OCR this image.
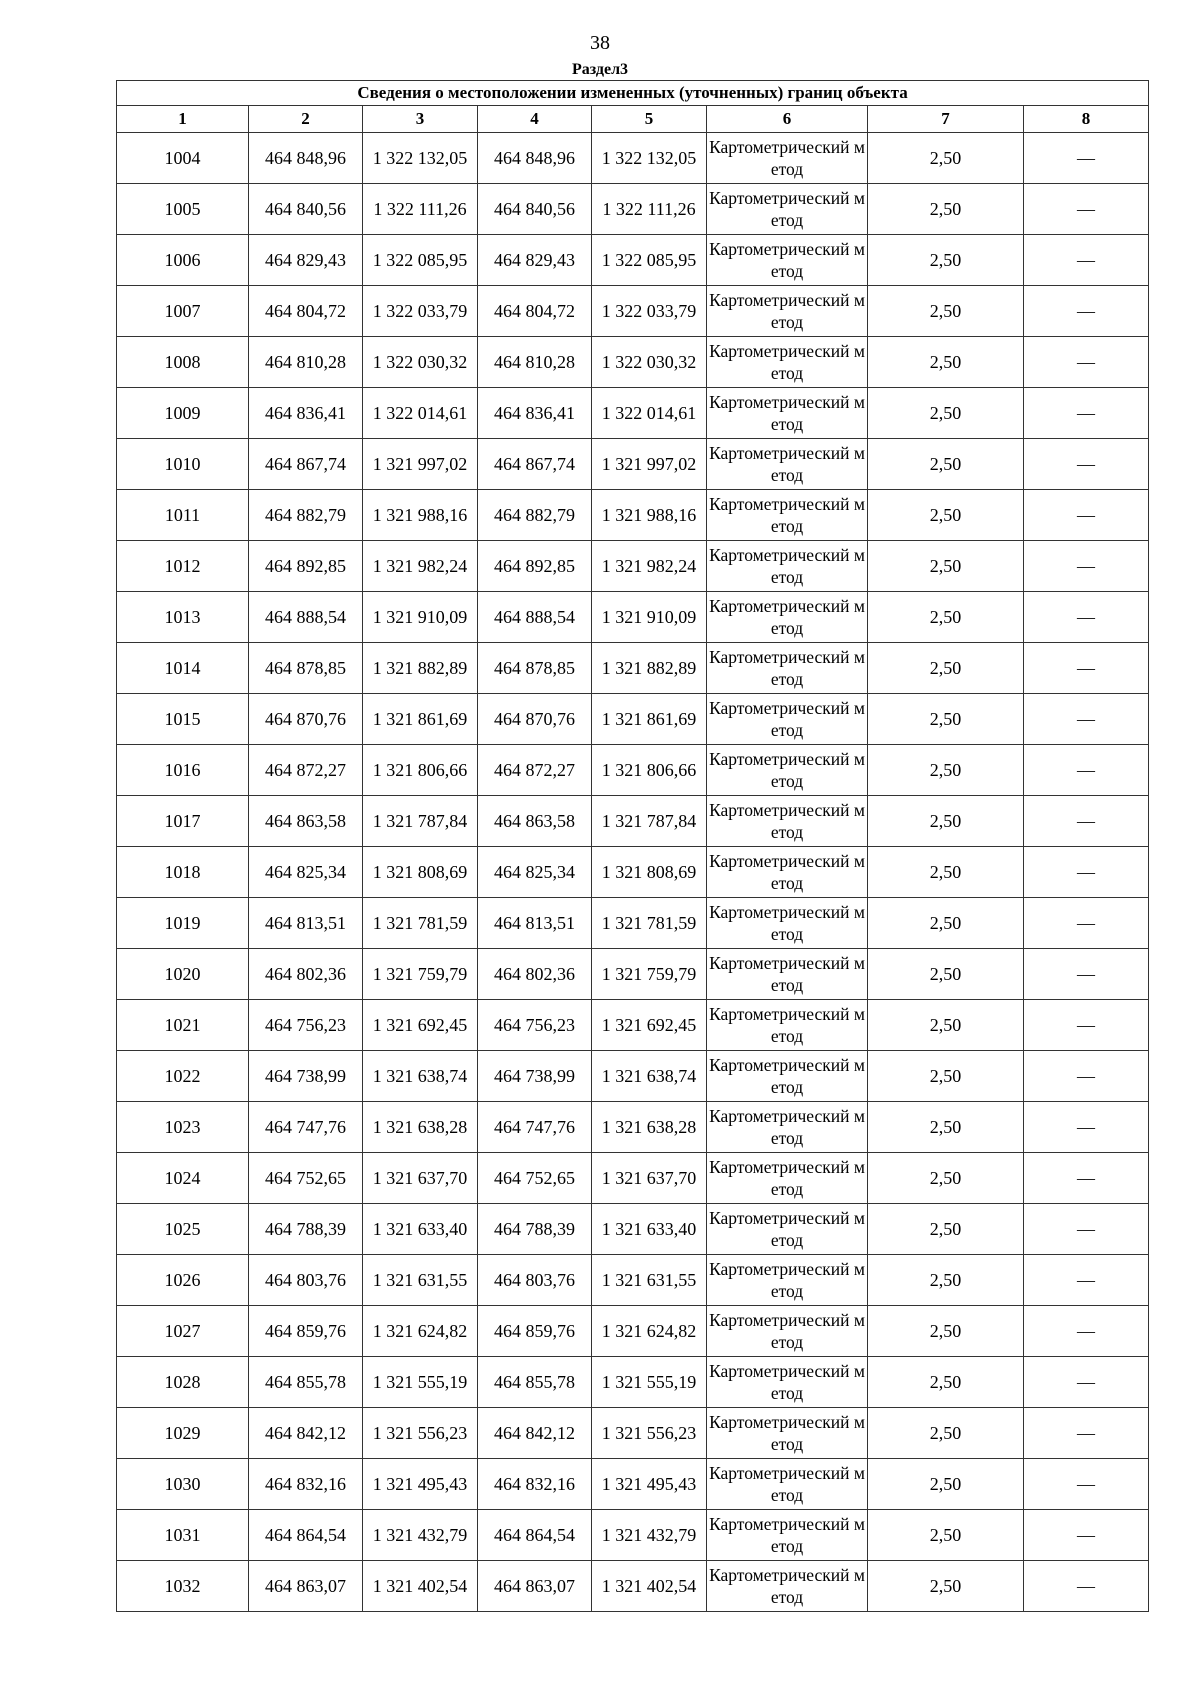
38
Раздел3
Сведения о местоположении измененных (уточненных) границ объекта							
1	2	3	4	5	6	7	8
1004	464 848,96	1 322 132,05	464 848,96	1 322 132,05	Картометрический метод	2,50	—
1005	464 840,56	1 322 111,26	464 840,56	1 322 111,26	Картометрический метод	2,50	—
1006	464 829,43	1 322 085,95	464 829,43	1 322 085,95	Картометрический метод	2,50	—
1007	464 804,72	1 322 033,79	464 804,72	1 322 033,79	Картометрический метод	2,50	—
1008	464 810,28	1 322 030,32	464 810,28	1 322 030,32	Картометрический метод	2,50	—
1009	464 836,41	1 322 014,61	464 836,41	1 322 014,61	Картометрический метод	2,50	—
1010	464 867,74	1 321 997,02	464 867,74	1 321 997,02	Картометрический метод	2,50	—
1011	464 882,79	1 321 988,16	464 882,79	1 321 988,16	Картометрический метод	2,50	—
1012	464 892,85	1 321 982,24	464 892,85	1 321 982,24	Картометрический метод	2,50	—
1013	464 888,54	1 321 910,09	464 888,54	1 321 910,09	Картометрический метод	2,50	—
1014	464 878,85	1 321 882,89	464 878,85	1 321 882,89	Картометрический метод	2,50	—
1015	464 870,76	1 321 861,69	464 870,76	1 321 861,69	Картометрический метод	2,50	—
1016	464 872,27	1 321 806,66	464 872,27	1 321 806,66	Картометрический метод	2,50	—
1017	464 863,58	1 321 787,84	464 863,58	1 321 787,84	Картометрический метод	2,50	—
1018	464 825,34	1 321 808,69	464 825,34	1 321 808,69	Картометрический метод	2,50	—
1019	464 813,51	1 321 781,59	464 813,51	1 321 781,59	Картометрический метод	2,50	—
1020	464 802,36	1 321 759,79	464 802,36	1 321 759,79	Картометрический метод	2,50	—
1021	464 756,23	1 321 692,45	464 756,23	1 321 692,45	Картометрический метод	2,50	—
1022	464 738,99	1 321 638,74	464 738,99	1 321 638,74	Картометрический метод	2,50	—
1023	464 747,76	1 321 638,28	464 747,76	1 321 638,28	Картометрический метод	2,50	—
1024	464 752,65	1 321 637,70	464 752,65	1 321 637,70	Картометрический метод	2,50	—
1025	464 788,39	1 321 633,40	464 788,39	1 321 633,40	Картометрический метод	2,50	—
1026	464 803,76	1 321 631,55	464 803,76	1 321 631,55	Картометрический метод	2,50	—
1027	464 859,76	1 321 624,82	464 859,76	1 321 624,82	Картометрический метод	2,50	—
1028	464 855,78	1 321 555,19	464 855,78	1 321 555,19	Картометрический метод	2,50	—
1029	464 842,12	1 321 556,23	464 842,12	1 321 556,23	Картометрический метод	2,50	—
1030	464 832,16	1 321 495,43	464 832,16	1 321 495,43	Картометрический метод	2,50	—
1031	464 864,54	1 321 432,79	464 864,54	1 321 432,79	Картометрический метод	2,50	—
1032	464 863,07	1 321 402,54	464 863,07	1 321 402,54	Картометрический метод	2,50	—
